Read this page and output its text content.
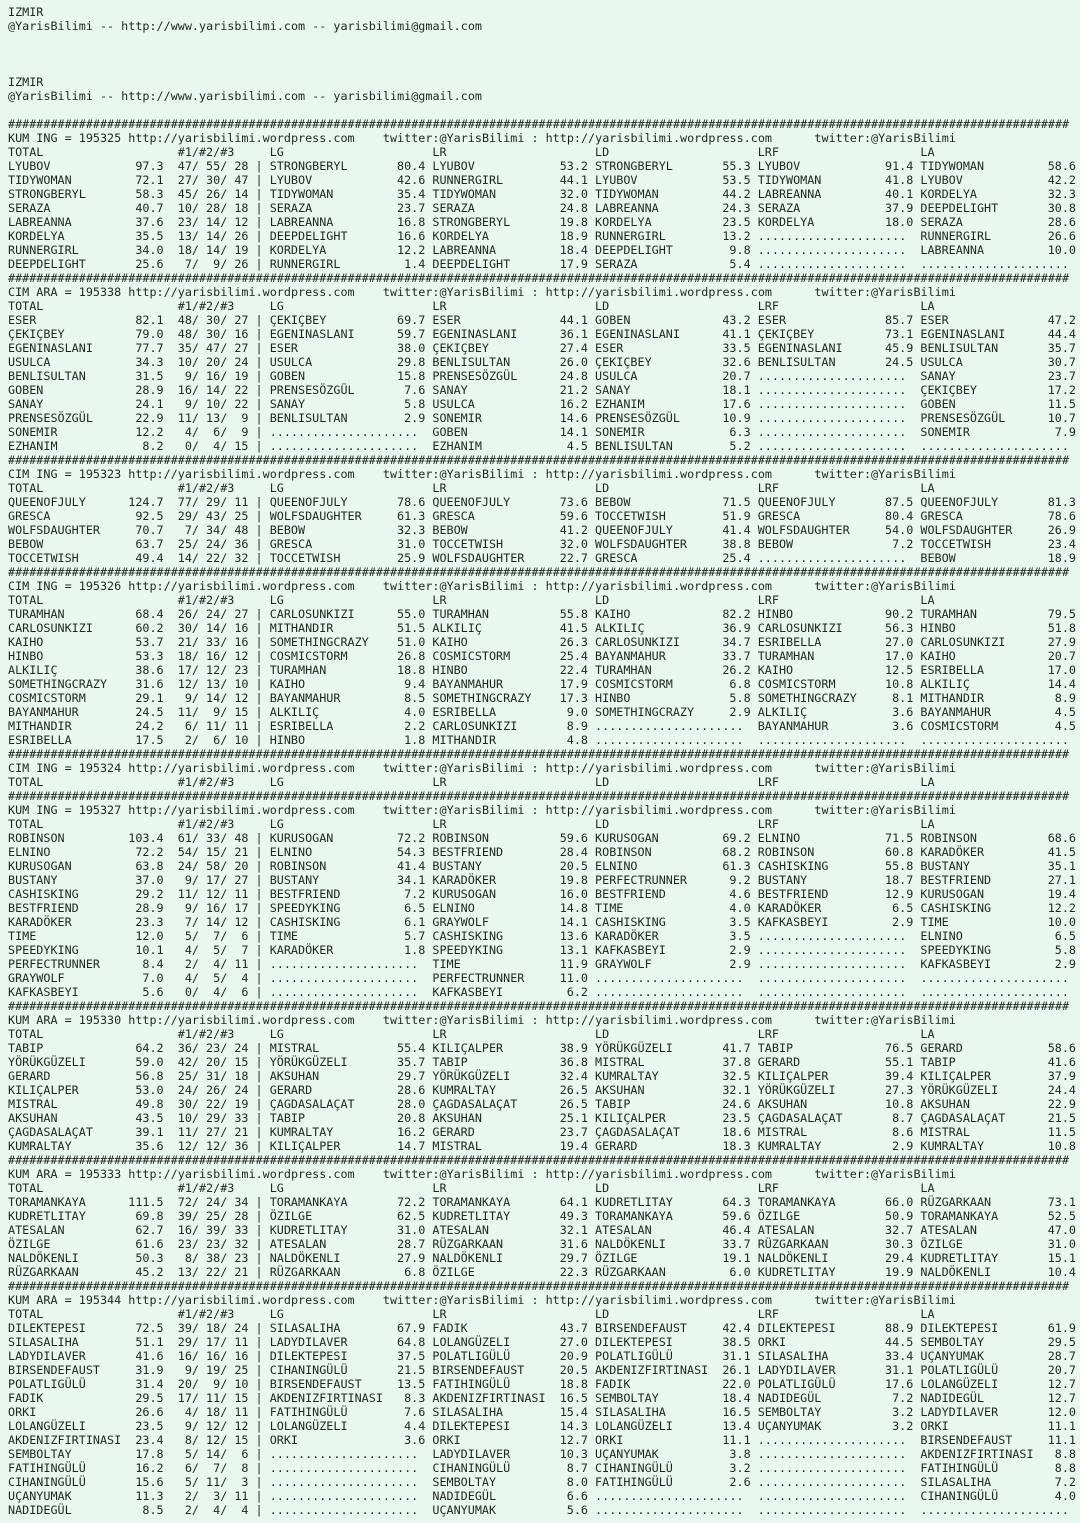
IZMIR
@YarisBilimi -- http://www.yarisbilimi.com -- yarisbilimi@gmail.com
IZMIR
@YarisBilimi -- http://www.yarisbilimi.com -- yarisbilimi@gmail.com
######################################################################################################################################################
KUM ING = 195325 http://yarisbilimi.wordpress.com twitter:@YarisBilimi : http://yarisbilimi.wordpress.com	twitter:@YarisBilimi
TOTAL	#1/#2/#3	LG	LR	LD	LRF	LA
LYUBOV	97.3 47/ 55/ 28 | STRONGBERYL	80.4 LYUBOV	53.2 STRONGBERYL	55.3 LYUBOV	91.4 TIDYWOMAN	58.6
TIDYWOMAN	72.1 27/ 30/ 47 | LYUBOV	42.6 RUNNERGIRL	44.1 LYUBOV	53.5 TIDYWOMAN	41.8 LYUBOV	42.2
STRONGBERYL	58.3 45/ 26/ 14 | TIDYWOMAN	35.4 TIDYWOMAN	32.0 TIDYWOMAN	44.2 LABREANNA	40.1 KORDELYA	32.3
SERAZA	40.7 10/ 28/ 18 | SERAZA	23.7 SERAZA	24.8 LABREANNA	24.3 SERAZA	37.9 DEEPDELIGHT	30.8
LABREANNA	37.6 23/ 14/ 12 | LABREANNA	16.8 STRONGBERYL	19.8 KORDELYA	23.5 KORDELYA	18.0 SERAZA	28.6
KORDELYA	35.5 13/ 14/ 26 | DEEPDELIGHT	16.6 KORDELYA	18.9 RUNNERGIRL	13.2 ..................... RUNNERGIRL	26.6
RUNNERGIRL	34.0 18/ 14/ 19 | KORDELYA	12.2 LABREANNA	18.4 DEEPDELIGHT	9.8 ..................... LABREANNA	10.0
DEEPDELIGHT	25.6 7/  9/ 26 | RUNNERGIRL	1.4 DEEPDELIGHT	17.9 SERAZA	5.4 ..................... .....................
######################################################################################################################################################
CIM ARA = 195338 http://yarisbilimi.wordpress.com twitter:@YarisBilimi : http://yarisbilimi.wordpress.com	twitter:@YarisBilimi
TOTAL	#1/#2/#3	LG	LR	LD	LRF	LA
ESER	82.1 48/ 30/ 27 | ÇEKIÇBEY	69.7 ESER	44.1 GOBEN	43.2 ESER	85.7 ESER	47.2
ÇEKIÇBEY	79.0 48/ 30/ 16 | EGENINASLANI	59.7 EGENINASLANI	36.1 EGENINASLANI	41.1 ÇEKIÇBEY	73.1 EGENINASLANI	44.4
EGENINASLANI	77.7 35/ 47/ 27 | ESER	38.0 ÇEKIÇBEY	27.4 ESER	33.5 EGENINASLANI	45.9 BENLISULTAN	35.7
USULCA	34.3 10/ 20/ 24 | USULCA	29.8 BENLISULTAN	26.0 ÇEKIÇBEY	32.6 BENLISULTAN	24.5 USULCA	30.7
BENLISULTAN	31.5 9/ 16/ 19 | GOBEN	15.8 PRENSESÖZGÜL	24.8 USULCA	20.7 ..................... SANAY	23.7
GOBEN	28.9 16/ 14/ 22 | PRENSESÖZGÜL	7.6 SANAY	21.2 SANAY	18.1 ..................... ÇEKIÇBEY	17.2
SANAY	24.1 9/ 10/ 22 | SANAY	5.8 USULCA	16.2 EZHANIM	17.6 ..................... GOBEN	11.5
PRENSESÖZGÜL	22.9 11/ 13/  9 | BENLISULTAN	2.9 SONEMIR	14.6 PRENSESÖZGÜL	10.9 ..................... PRENSESÖZGÜL	10.7
SONEMIR	12.2 4/  6/  9 | ..................... GOBEN	14.1 SONEMIR	6.3 ..................... SONEMIR	7.9
EZHANIM	8.2 0/  4/ 15 | ..................... EZHANIM	4.5 BENLISULTAN	5.2 ..................... .....................
######################################################################################################################################################
CIM ING = 195323 http://yarisbilimi.wordpress.com twitter:@YarisBilimi : http://yarisbilimi.wordpress.com	twitter:@YarisBilimi
TOTAL	#1/#2/#3	LG	LR	LD	LRF	LA
QUEENOFJULY	124.7 77/ 29/ 11 | QUEENOFJULY	78.6 QUEENOFJULY	73.6 BEBOW	71.5 QUEENOFJULY	87.5 QUEENOFJULY	81.3
GRESCA	92.5 29/ 43/ 25 | WOLFSDAUGHTER	61.3 GRESCA	59.6 TOCCETWISH	51.9 GRESCA	80.4 GRESCA	78.6
WOLFSDAUGHTER	70.7 7/ 34/ 48 | BEBOW	32.3 BEBOW	41.2 QUEENOFJULY	41.4 WOLFSDAUGHTER	54.0 WOLFSDAUGHTER	26.9
BEBOW	63.7 25/ 24/ 36 | GRESCA	31.0 TOCCETWISH	32.0 WOLFSDAUGHTER	38.8 BEBOW	7.2 TOCCETWISH	23.4
TOCCETWISH	49.4 14/ 22/ 32 | TOCCETWISH	25.9 WOLFSDAUGHTER	22.7 GRESCA	25.4 ..................... BEBOW	18.9
######################################################################################################################################################
CIM ING = 195326 http://yarisbilimi.wordpress.com twitter:@YarisBilimi : http://yarisbilimi.wordpress.com	twitter:@YarisBilimi
TOTAL	#1/#2/#3	LG	LR	LD	LRF	LA
TURAMHAN	68.4 26/ 24/ 27 | CARLOSUNKIZI	55.0 TURAMHAN	55.8 KAIHO	82.2 HINBO	90.2 TURAMHAN	79.5
CARLOSUNKIZI	60.2 30/ 14/ 16 | MITHANDIR	51.5 ALKILIÇ	41.5 ALKILIÇ	36.9 CARLOSUNKIZI	56.3 HINBO	51.8
KAIHO	53.7 21/ 33/ 16 | SOMETHINGCRAZY 51.0 KAIHO	26.3 CARLOSUNKIZI	34.7 ESRIBELLA	27.0 CARLOSUNKIZI	27.9
HINBO	53.3 18/ 16/ 12 | COSMICSTORM	26.8 COSMICSTORM	25.4 BAYANMAHUR	33.7 TURAMHAN	17.0 KAIHO	20.7
ALKILIÇ	38.6 17/ 12/ 23 | TURAMHAN	18.8 HINBO	22.4 TURAMHAN	26.2 KAIHO	12.5 ESRIBELLA	17.0
SOMETHINGCRAZY 31.6 12/ 13/ 10 | KAIHO	9.4 BAYANMAHUR	17.9 COSMICSTORM	6.8 COSMICSTORM	10.8 ALKILIÇ	14.4
COSMICSTORM	29.1 9/ 14/ 12 | BAYANMAHUR	8.5 SOMETHINGCRAZY 17.3 HINBO	5.8 SOMETHINGCRAZY	8.1 MITHANDIR	8.9
BAYANMAHUR	24.5 11/  9/ 15 | ALKILIÇ	4.0 ESRIBELLA	9.0 SOMETHINGCRAZY	2.9 ALKILIÇ	3.6 BAYANMAHUR	4.5
MITHANDIR	24.2 6/ 11/ 11 | ESRIBELLA	2.2 CARLOSUNKIZI	8.9 ..................... BAYANMAHUR	3.6 COSMICSTORM	4.5
ESRIBELLA	17.5 2/  6/ 10 | HINBO	1.8 MITHANDIR	4.8 ..................... ..................... .....................
######################################################################################################################################################
CIM ING = 195324 http://yarisbilimi.wordpress.com twitter:@YarisBilimi : http://yarisbilimi.wordpress.com	twitter:@YarisBilimi
TOTAL	#1/#2/#3	LG	LR	LD	LRF	LA
######################################################################################################################################################
KUM ING = 195327 http://yarisbilimi.wordpress.com twitter:@YarisBilimi : http://yarisbilimi.wordpress.com	twitter:@YarisBilimi
TOTAL	#1/#2/#3	LG	LR	LD	LRF	LA
ROBINSON	103.4 61/ 33/ 48 | KURUSOGAN	72.2 ROBINSON	59.6 KURUSOGAN	69.2 ELNINO	71.5 ROBINSON	68.6
ELNINO	72.2 54/ 15/ 21 | ELNINO	54.3 BESTFRIEND	28.4 ROBINSON	68.2 ROBINSON	60.8 KARADÖKER	41.5
KURUSOGAN	63.8 24/ 58/ 20 | ROBINSON	41.4 BUSTANY	20.5 ELNINO	61.3 CASHISKING	55.8 BUSTANY	35.1
BUSTANY	37.0 9/ 17/ 27 | BUSTANY	34.1 KARADÖKER	19.8 PERFECTRUNNER	9.2 BUSTANY	18.7 BESTFRIEND	27.1
CASHISKING	29.2 11/ 12/ 11 | BESTFRIEND	7.2 KURUSOGAN	16.0 BESTFRIEND	4.6 BESTFRIEND	12.9 KURUSOGAN	19.4
BESTFRIEND	28.9 9/ 16/ 17 | SPEEDYKING	6.5 ELNINO	14.8 TIME	4.0 KARADÖKER	6.5 CASHISKING	12.2
KARADÖKER	23.3 7/ 14/ 12 | CASHISKING	6.1 GRAYWOLF	14.1 CASHISKING	3.5 KAFKASBEYI	2.9 TIME	10.0
TIME	12.0 5/  7/  6 | TIME	5.7 CASHISKING	13.6 KARADÖKER	3.5 ..................... ELNINO	6.5
SPEEDYKING	10.1 4/  5/  7 | KARADÖKER	1.8 SPEEDYKING	13.1 KAFKASBEYI	2.9 ..................... SPEEDYKING	5.8
PERFECTRUNNER	8.4 2/  4/ 11 | ..................... TIME	11.9 GRAYWOLF	2.9 ..................... KAFKASBEYI	2.9
GRAYWOLF	7.0 4/  5/  4 | ..................... PERFECTRUNNER	11.0 ..................... ..................... .....................
KAFKASBEYI	5.6 0/  4/  6 | ..................... KAFKASBEYI	6.2 ..................... ..................... .....................
######################################################################################################################################################
KUM ARA = 195330 http://yarisbilimi.wordpress.com twitter:@YarisBilimi : http://yarisbilimi.wordpress.com	twitter:@YarisBilimi
TOTAL	#1/#2/#3	LG	LR	LD	LRF	LA
TABIP	64.2 36/ 23/ 24 | MISTRAL	55.4 KILIÇALPER	38.9 YÖRÜKGÜZELI	41.7 TABIP	76.5 GERARD	58.6
YÖRÜKGÜZELI	59.0 42/ 20/ 15 | YÖRÜKGÜZELI	35.7 TABIP	36.8 MISTRAL	37.8 GERARD	55.1 TABIP	41.6
GERARD	56.8 25/ 31/ 18 | AKSUHAN	29.7 YÖRÜKGÜZELI	32.4 KUMRALTAY	32.5 KILIÇALPER	39.4 KILIÇALPER	37.9
KILIÇALPER	53.0 24/ 26/ 24 | GERARD	28.6 KUMRALTAY	26.5 AKSUHAN	32.1 YÖRÜKGÜZELI	27.3 YÖRÜKGÜZELI	24.4
MISTRAL	49.8 30/ 22/ 19 | ÇAGDASALAÇAT	28.0 ÇAGDASALAÇAT	26.5 TABIP	24.6 AKSUHAN	10.8 AKSUHAN	22.9
AKSUHAN	43.5 10/ 29/ 33 | TABIP	20.8 AKSUHAN	25.1 KILIÇALPER	23.5 ÇAGDASALAÇAT	8.7 ÇAGDASALAÇAT	21.5
ÇAGDASALAÇAT	39.1 11/ 27/ 21 | KUMRALTAY	16.2 GERARD	23.7 ÇAGDASALAÇAT	18.6 MISTRAL	8.6 MISTRAL	11.5
KUMRALTAY	35.6 12/ 12/ 36 | KILIÇALPER	14.7 MISTRAL	19.4 GERARD	18.3 KUMRALTAY	2.9 KUMRALTAY	10.8
######################################################################################################################################################
KUM ARA = 195333 http://yarisbilimi.wordpress.com twitter:@YarisBilimi : http://yarisbilimi.wordpress.com	twitter:@YarisBilimi
TOTAL	#1/#2/#3	LG	LR	LD	LRF	LA
TORAMANKAYA	111.5 72/ 24/ 34 | TORAMANKAYA	72.2 TORAMANKAYA	64.1 KUDRETLITAY	64.3 TORAMANKAYA	66.0 RÜZGARKAAN	73.1
KUDRETLITAY	69.8 39/ 25/ 28 | ÖZILGE	62.5 KUDRETLITAY	49.3 TORAMANKAYA	59.6 ÖZILGE	50.9 TORAMANKAYA	52.5
ATESALAN	62.7 16/ 39/ 33 | KUDRETLITAY	31.0 ATESALAN	32.1 ATESALAN	46.4 ATESALAN	32.7 ATESALAN	47.0
ÖZILGE	61.6 23/ 23/ 32 | ATESALAN	28.7 RÜZGARKAAN	31.6 NALDÖKENLI	33.7 RÜZGARKAAN	30.3 ÖZILGE	31.0
NALDÖKENLI	50.3 8/ 38/ 23 | NALDÖKENLI	27.9 NALDÖKENLI	29.7 ÖZILGE	19.1 NALDÖKENLI	29.4 KUDRETLITAY	15.1
RÜZGARKAAN	45.2 13/ 22/ 21 | RÜZGARKAAN	6.8 ÖZILGE	22.3 RÜZGARKAAN	6.0 KUDRETLITAY	19.9 NALDÖKENLI	10.4
######################################################################################################################################################
KUM ARA = 195344 http://yarisbilimi.wordpress.com twitter:@YarisBilimi : http://yarisbilimi.wordpress.com	twitter:@YarisBilimi
TOTAL	#1/#2/#3	LG	LR	LD	LRF	LA
DILEKTEPESI	72.5 39/ 18/ 24 | SILASALIHA	67.9 FADIK	43.7 BIRSENDEFAUST	42.4 DILEKTEPESI	88.9 DILEKTEPESI	61.9
SILASALIHA	51.1 29/ 17/ 11 | LADYDILAVER	64.8 LOLANGÜZELI	27.0 DILEKTEPESI	38.5 ORKI	44.5 SEMBOLTAY	29.5
LADYDILAVER	41.6 16/ 16/ 16 | DILEKTEPESI	37.5 POLATLIGÜLÜ	20.9 POLATLIGÜLÜ	31.1 SILASALIHA	33.4 UÇANYUMAK	28.7
BIRSENDEFAUST	31.9 9/ 19/ 25 | CIHANINGÜLÜ	21.5 BIRSENDEFAUST	20.5 AKDENIZFIRTINASI 26.1 LADYDILAVER	31.1 POLATLIGÜLÜ	20.7
POLATLIGÜLÜ	31.4 20/  9/ 10 | BIRSENDEFAUST	13.5 FATIHINGÜLÜ	18.8 FADIK	22.0 POLATLIGÜLÜ	17.6 LOLANGÜZELI	12.7
FADIK	29.5 17/ 11/ 15 | AKDENIZFIRTINASI 8.3 AKDENIZFIRTINASI 16.5 SEMBOLTAY	18.4 NADIDEGÜL	7.2 NADIDEGÜL	12.7
ORKI	26.6 4/ 18/ 11 | FATIHINGÜLÜ	7.6 SILASALIHA	15.4 SILASALIHA	16.5 SEMBOLTAY	3.2 LADYDILAVER	12.0
LOLANGÜZELI	23.5 9/ 12/ 12 | LOLANGÜZELI	4.4 DILEKTEPESI	14.3 LOLANGÜZELI	13.4 UÇANYUMAK	3.2 ORKI	11.1
AKDENIZFIRTINASI 23.4 8/ 12/ 15 | ORKI	3.6 ORKI	12.7 ORKI	11.1 ..................... BIRSENDEFAUST	11.1
SEMBOLTAY	17.8 5/ 14/  6 | ..................... LADYDILAVER	10.3 UÇANYUMAK	3.8 ..................... AKDENIZFIRTINASI 8.8
FATIHINGÜLÜ	16.2 6/  7/  8 | ..................... CIHANINGÜLÜ	8.7 CIHANINGÜLÜ	3.2 ..................... FATIHINGÜLÜ	8.8
CIHANINGÜLÜ	15.6 5/ 11/  3 | ..................... SEMBOLTAY	8.0 FATIHINGÜLÜ	2.6 ..................... SILASALIHA	7.2
UÇANYUMAK	11.3 2/  3/ 11 | ..................... NADIDEGÜL	6.6 ..................... ..................... CIHANINGÜLÜ	4.0
NADIDEGÜL	8.5 2/  4/  4 | ..................... UÇANYUMAK	5.6 ..................... ..................... .....................
